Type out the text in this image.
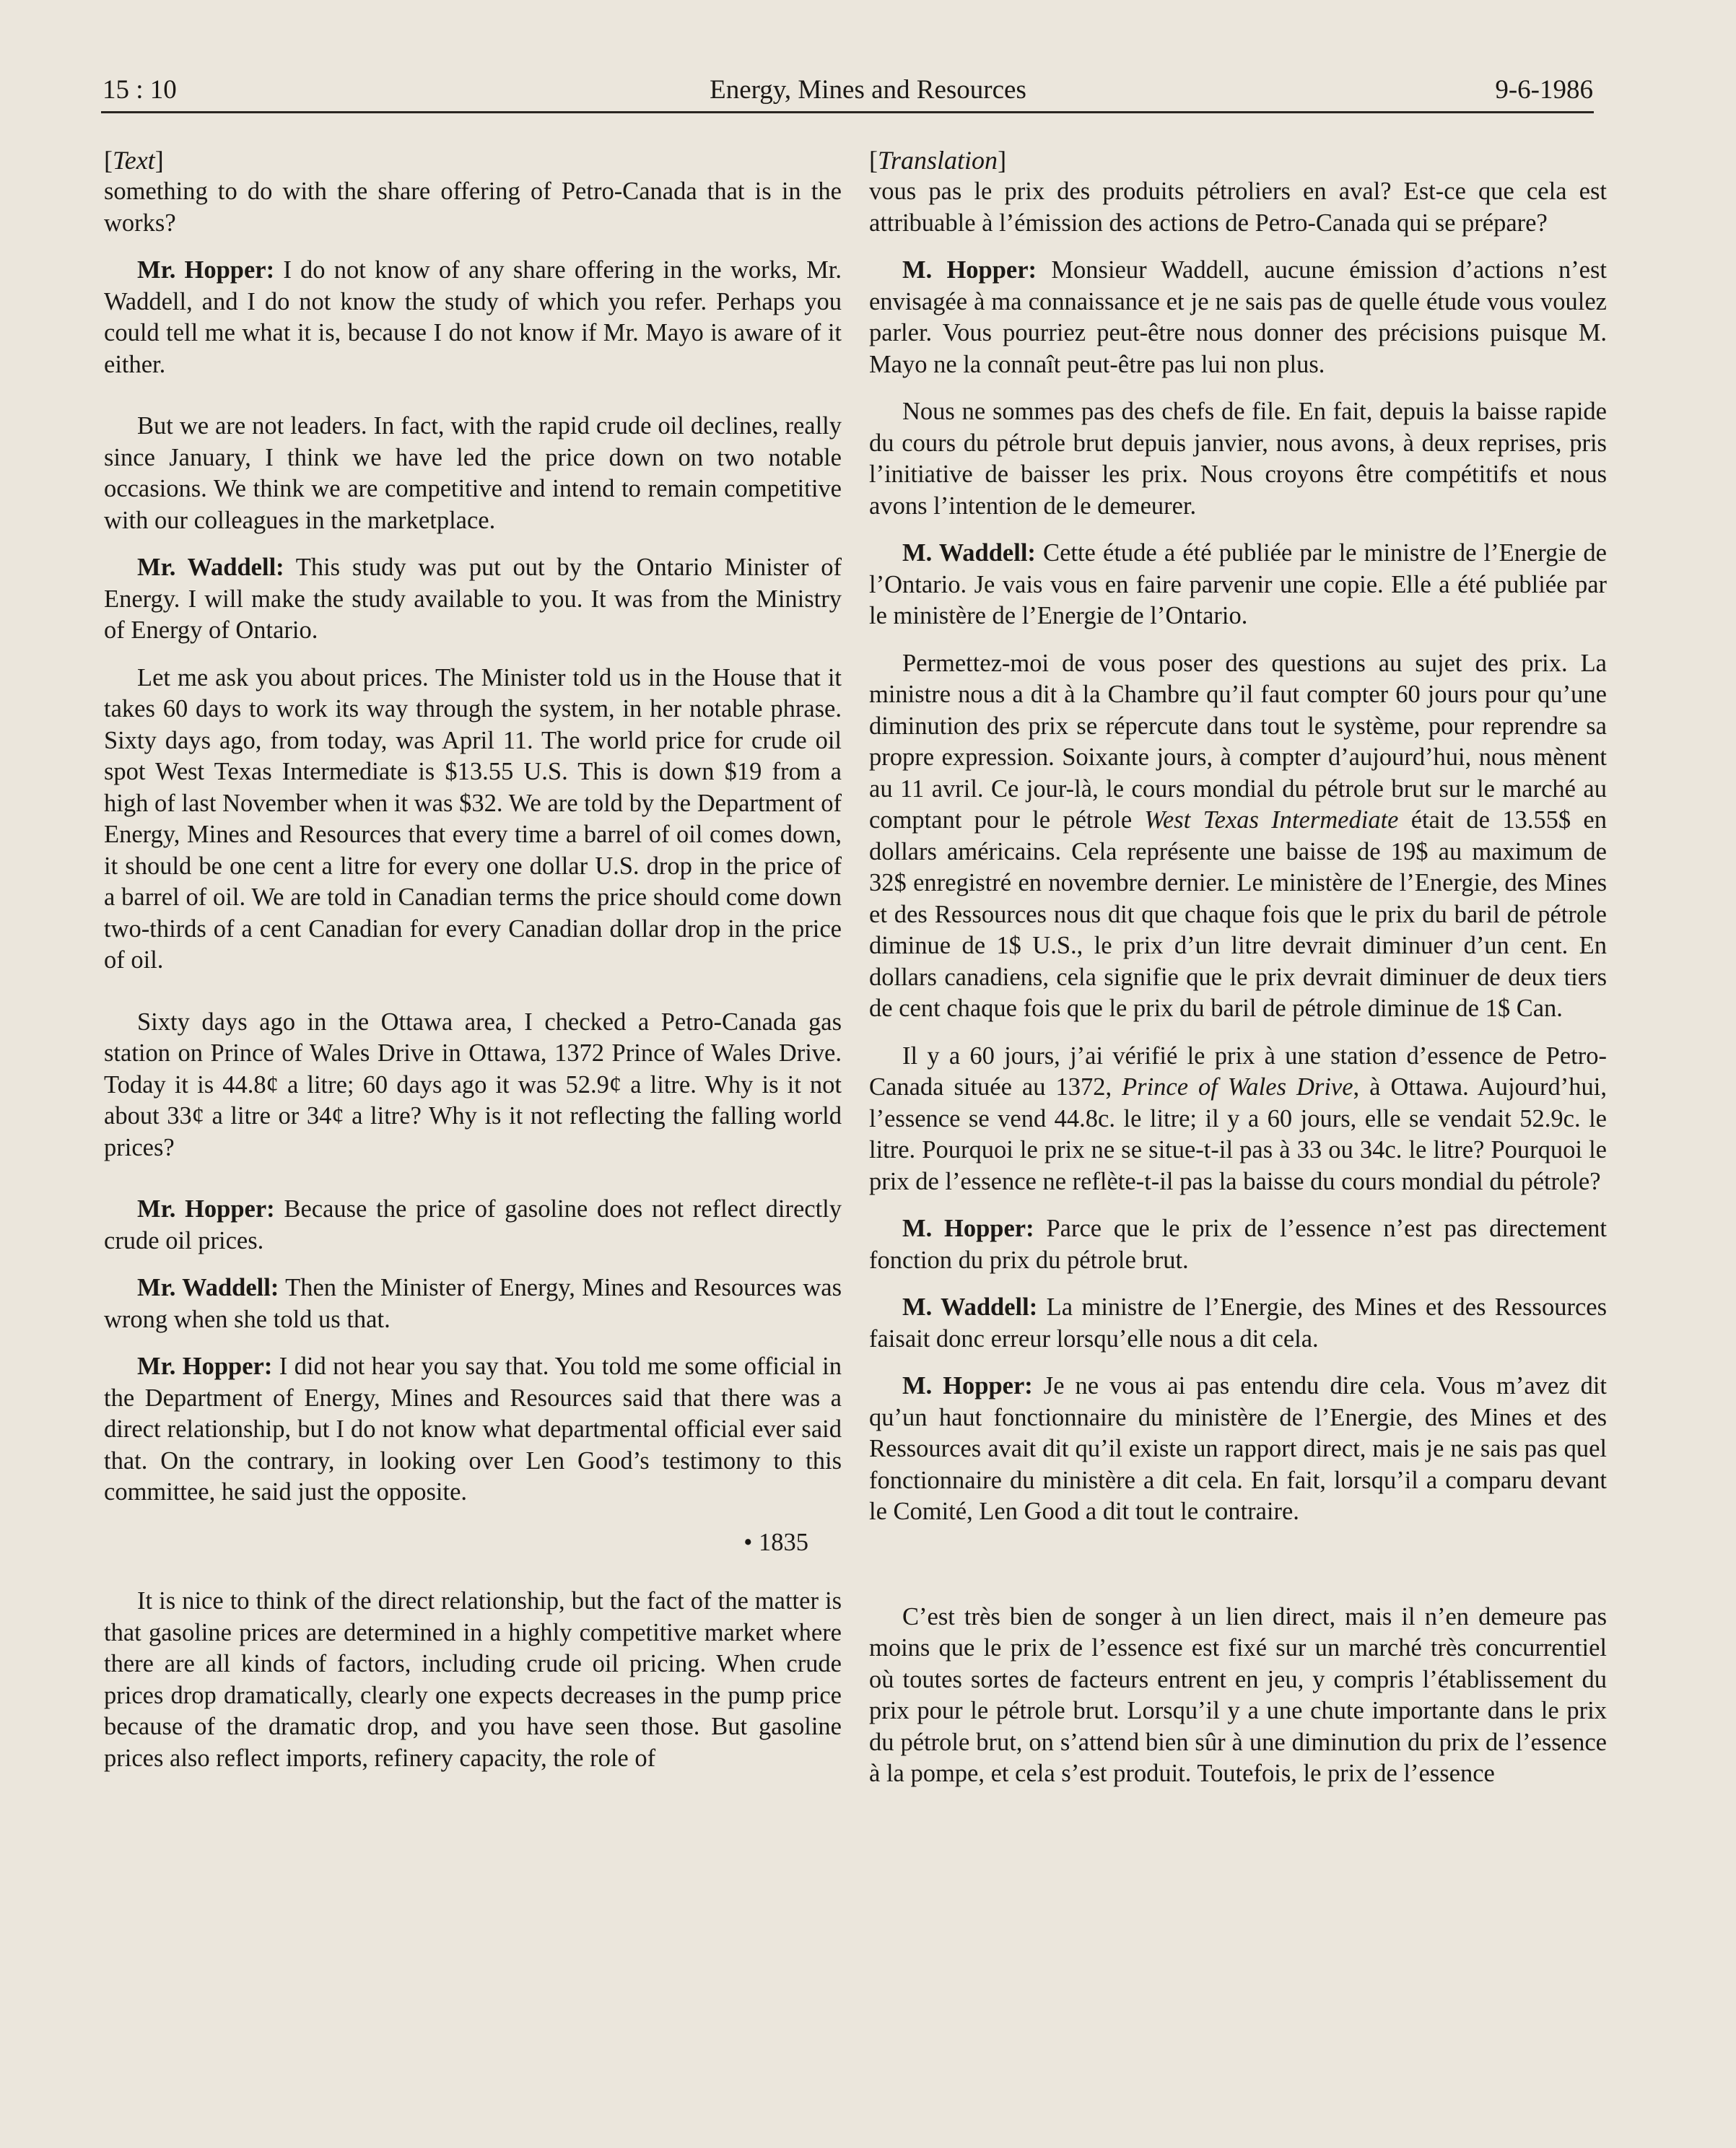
Energy, Mines and Resources
15 : 10	9-6-1986
[Text]

something to do with the share offering of Petro-Canada that is in the works?

Mr. Hopper: I do not know of any share offering in the works, Mr. Waddell, and I do not know the study of which you refer. Perhaps you could tell me what it is, because I do not know if Mr. Mayo is aware of it either.

But we are not leaders. In fact, with the rapid crude oil declines, really since January, I think we have led the price down on two notable occasions. We think we are competitive and intend to remain competitive with our colleagues in the marketplace.

Mr. Waddell: This study was put out by the Ontario Minister of Energy. I will make the study available to you. It was from the Ministry of Energy of Ontario.

Let me ask you about prices. The Minister told us in the House that it takes 60 days to work its way through the system, in her notable phrase. Sixty days ago, from today, was April 11. The world price for crude oil spot West Texas Intermediate is $13.55 U.S. This is down $19 from a high of last November when it was $32. We are told by the Department of Energy, Mines and Resources that every time a barrel of oil comes down, it should be one cent a litre for every one dollar U.S. drop in the price of a barrel of oil. We are told in Canadian terms the price should come down two-thirds of a cent Canadian for every Canadian dollar drop in the price of oil.

Sixty days ago in the Ottawa area, I checked a Petro-Canada gas station on Prince of Wales Drive in Ottawa, 1372 Prince of Wales Drive. Today it is 44.8¢ a litre; 60 days ago it was 52.9¢ a litre. Why is it not about 33¢ a litre or 34¢ a litre? Why is it not reflecting the falling world prices?

Mr. Hopper: Because the price of gasoline does not reflect directly crude oil prices.

Mr. Waddell: Then the Minister of Energy, Mines and Resources was wrong when she told us that.

Mr. Hopper: I did not hear you say that. You told me some official in the Department of Energy, Mines and Resources said that there was a direct relationship, but I do not know what departmental official ever said that. On the contrary, in looking over Len Good’s testimony to this committee, he said just the opposite.

• 1835

It is nice to think of the direct relationship, but the fact of the matter is that gasoline prices are determined in a highly competitive market where there are all kinds of factors, including crude oil pricing. When crude prices drop dramatically, clearly one expects decreases in the pump price because of the dramatic drop, and you have seen those. But gasoline prices also reflect imports, refinery capacity, the role of

[Translation]

vous pas le prix des produits pétroliers en aval? Est-ce que cela est attribuable à l’émission des actions de Petro-Canada qui se prépare?

M. Hopper: Monsieur Waddell, aucune émission d’actions n’est envisagée à ma connaissance et je ne sais pas de quelle étude vous voulez parler. Vous pourriez peut-être nous donner des précisions puisque M. Mayo ne la connaît peut-être pas lui non plus.

Nous ne sommes pas des chefs de file. En fait, depuis la baisse rapide du cours du pétrole brut depuis janvier, nous avons, à deux reprises, pris l’initiative de baisser les prix. Nous croyons être compétitifs et nous avons l’intention de le demeurer.

M. Waddell: Cette étude a été publiée par le ministre de l’Energie de l’Ontario. Je vais vous en faire parvenir une copie. Elle a été publiée par le ministère de l’Energie de l’Ontario.

Permettez-moi de vous poser des questions au sujet des prix. La ministre nous a dit à la Chambre qu’il faut compter 60 jours pour qu’une diminution des prix se répercute dans tout le système, pour reprendre sa propre expression. Soixante jours, à compter d’aujourd’hui, nous mènent au 11 avril. Ce jour-là, le cours mondial du pétrole brut sur le marché au comptant pour le pétrole West Texas Intermediate était de 13.55$ en dollars américains. Cela représente une baisse de 19$ au maximum de 32$ enregistré en novembre dernier. Le ministère de l’Energie, des Mines et des Ressources nous dit que chaque fois que le prix du baril de pétrole diminue de 1$ U.S., le prix d’un litre devrait diminuer d’un cent. En dollars canadiens, cela signifie que le prix devrait diminuer de deux tiers de cent chaque fois que le prix du baril de pétrole diminue de 1$ Can.

Il y a 60 jours, j’ai vérifié le prix à une station d’essence de Petro-Canada située au 1372, Prince of Wales Drive, à Ottawa. Aujourd’hui, l’essence se vend 44.8c. le litre; il y a 60 jours, elle se vendait 52.9c. le litre. Pourquoi le prix ne se situe-t-il pas à 33 ou 34c. le litre? Pourquoi le prix de l’essence ne reflète-t-il pas la baisse du cours mondial du pétrole?

M. Hopper: Parce que le prix de l’essence n’est pas directement fonction du prix du pétrole brut.

M. Waddell: La ministre de l’Energie, des Mines et des Ressources faisait donc erreur lorsqu’elle nous a dit cela.

M. Hopper: Je ne vous ai pas entendu dire cela. Vous m’avez dit qu’un haut fonctionnaire du ministère de l’Energie, des Mines et des Ressources avait dit qu’il existe un rapport direct, mais je ne sais pas quel fonctionnaire du ministère a dit cela. En fait, lorsqu’il a comparu devant le Comité, Len Good a dit tout le contraire.

C’est très bien de songer à un lien direct, mais il n’en demeure pas moins que le prix de l’essence est fixé sur un marché très concurrentiel où toutes sortes de facteurs entrent en jeu, y compris l’établissement du prix pour le pétrole brut. Lorsqu’il y a une chute importante dans le prix du pétrole brut, on s’attend bien sûr à une diminution du prix de l’essence à la pompe, et cela s’est produit. Toutefois, le prix de l’essence
